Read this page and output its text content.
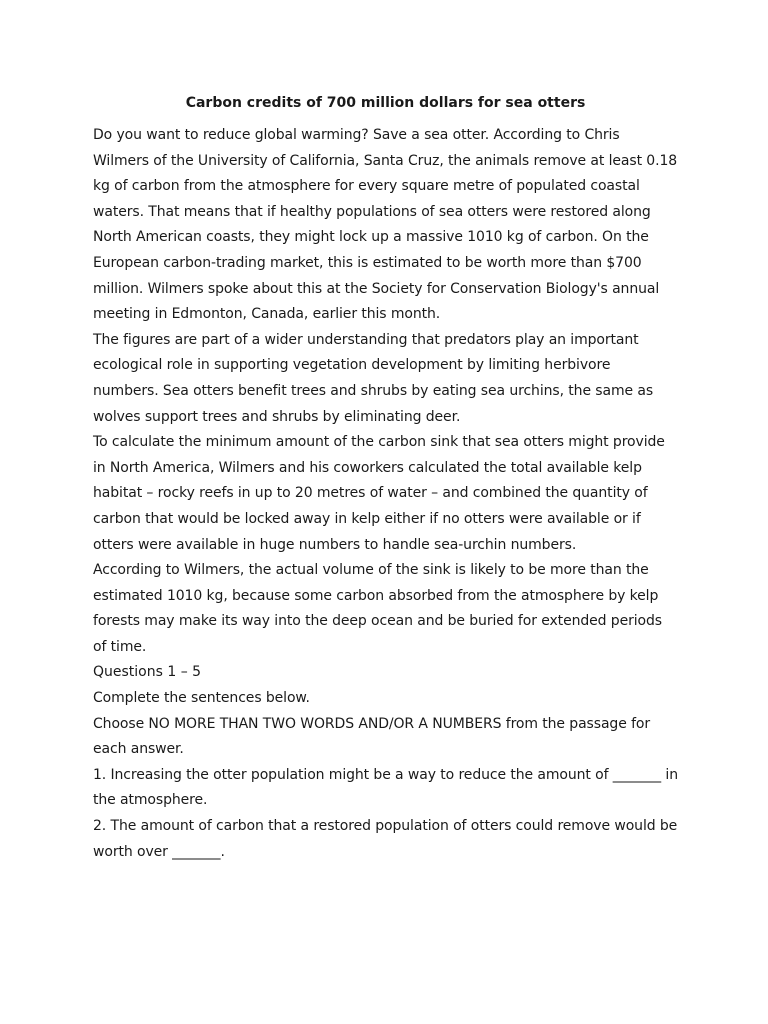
Carbon credits of 700 million dollars for sea otters

Do you want to reduce global warming? Save a sea otter. According to Chris Wilmers of the University of California, Santa Cruz, the animals remove at least 0.18 kg of carbon from the atmosphere for every square metre of populated coastal waters. That means that if healthy populations of sea otters were restored along North American coasts, they might lock up a massive 1010 kg of carbon. On the European carbon-trading market, this is estimated to be worth more than $700 million. Wilmers spoke about this at the Society for Conservation Biology's annual meeting in Edmonton, Canada, earlier this month.

The figures are part of a wider understanding that predators play an important ecological role in supporting vegetation development by limiting herbivore numbers. Sea otters benefit trees and shrubs by eating sea urchins, the same as wolves support trees and shrubs by eliminating deer.

To calculate the minimum amount of the carbon sink that sea otters might provide in North America, Wilmers and his coworkers calculated the total available kelp habitat – rocky reefs in up to 20 metres of water – and combined the quantity of carbon that would be locked away in kelp either if no otters were available or if otters were available in huge numbers to handle sea-urchin numbers.

According to Wilmers, the actual volume of the sink is likely to be more than the estimated 1010 kg, because some carbon absorbed from the atmosphere by kelp forests may make its way into the deep ocean and be buried for extended periods of time.

Questions 1 – 5

Complete the sentences below.

Choose NO MORE THAN TWO WORDS AND/OR A NUMBERS from the passage for each answer.

1. Increasing the otter population might be a way to reduce the amount of _______ in the atmosphere.

2. The amount of carbon that a restored population of otters could remove would be worth over _______.
